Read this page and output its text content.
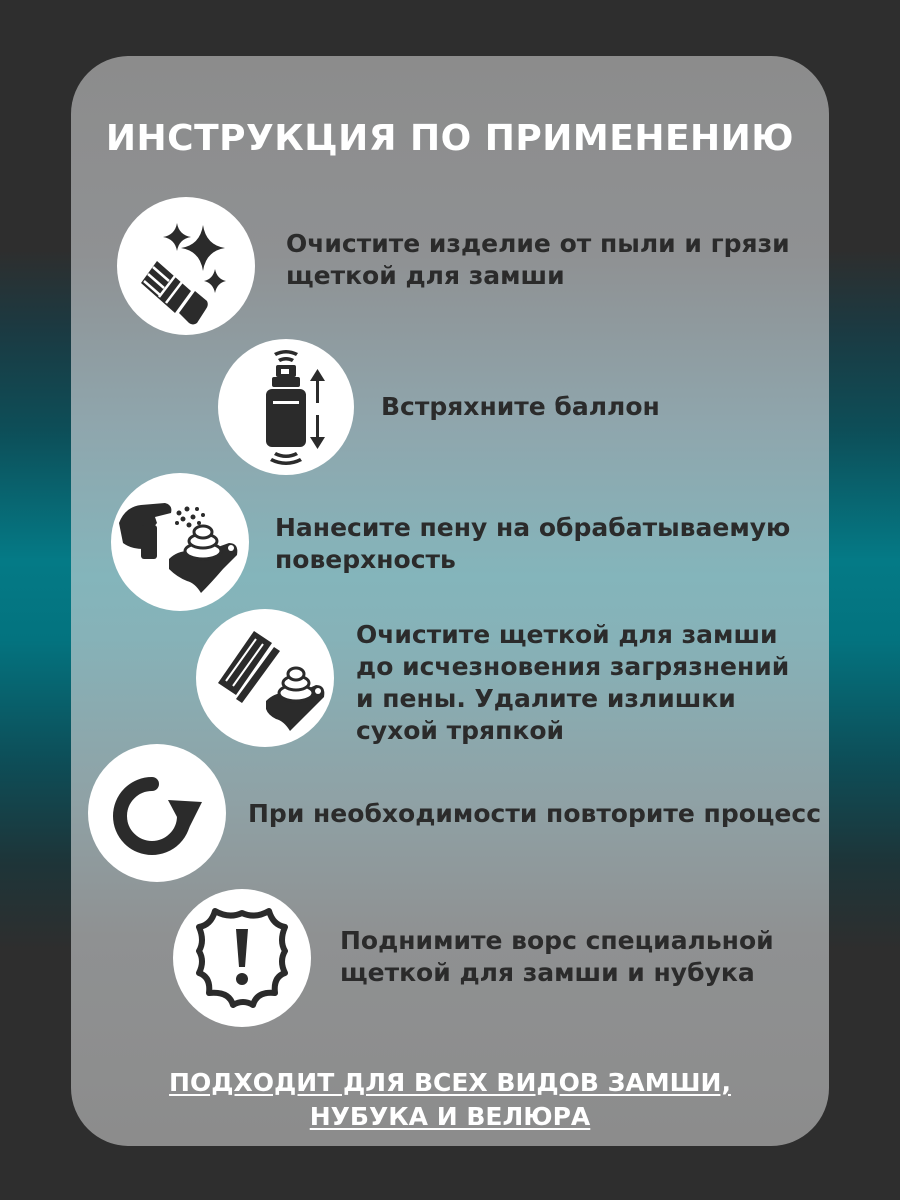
ИНСТРУКЦИЯ ПО ПРИМЕНЕНИЮ
Очистите изделие от пыли и грязи
щеткой для замши
Встряхните баллон
Нанесите пену на обрабатываемую
поверхность
Очистите щеткой для замши
до исчезновения загрязнений
и пены. Удалите излишки
сухой тряпкой
При необходимости повторите процесс
Поднимите ворс специальной
щеткой для замши и нубука
ПОДХОДИТ ДЛЯ ВСЕХ ВИДОВ ЗАМШИ,
НУБУКА И ВЕЛЮРА
